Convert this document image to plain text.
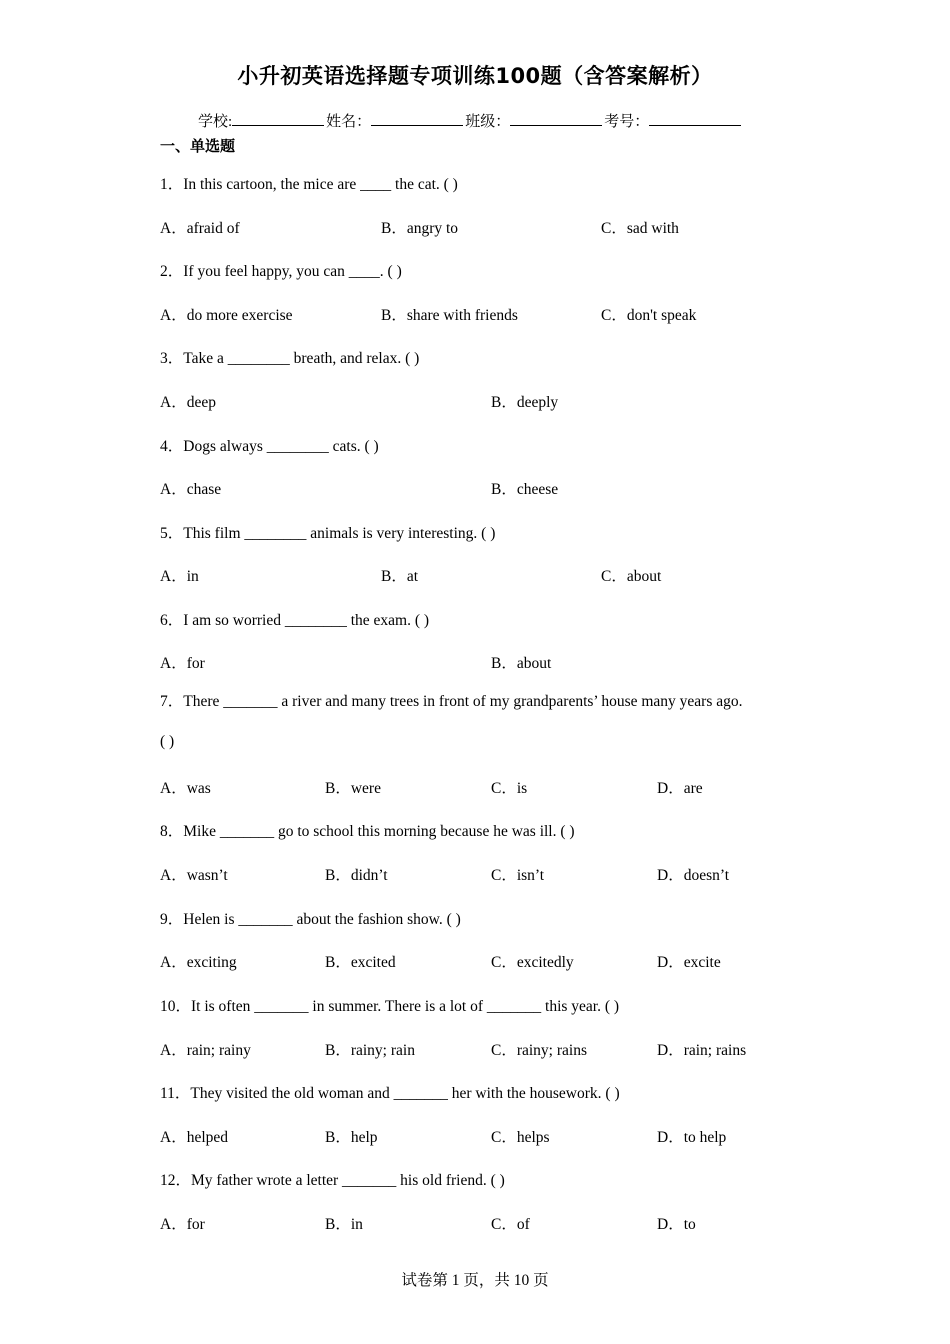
小升初英语选择题专项训练100题（含答案解析）
学校:	姓名：	班级：	考号：
一、单选题
1．In this cartoon, the mice are ____ the cat. ( )
A．afraid of	B．angry to	C．sad with
2．If you feel happy, you can ____. ( )
A．do more exercise	B．share with friends	C．don't speak
3．Take a ________ breath, and relax. ( )
A．deep	B．deeply
4．Dogs always ________ cats. ( )
A．chase	B．cheese
5．This film ________ animals is very interesting. ( )
A．in	B．at	C．about
6．I am so worried ________ the exam. ( )
A．for	B．about
7．There _______ a river and many trees in front of my grandparents’ house many years ago.
( )
A．was	B．were	C．is	D．are
8．Mike _______ go to school this morning because he was ill. ( )
A．wasn’t	B．didn’t	C．isn’t	D．doesn’t
9．Helen is _______ about the fashion show. ( )
A．exciting	B．excited	C．excitedly	D．excite
10．It is often _______ in summer. There is a lot of _______ this year. ( )
A．rain; rainy	B．rainy; rain	C．rainy; rains	D．rain; rains
11．They visited the old woman and _______ her with the housework. ( )
A．helped	B．help	C．helps	D．to help
12．My father wrote a letter _______ his old friend. ( )
A．for	B．in	C．of	D．to
试卷第 1 页，共 10 页
